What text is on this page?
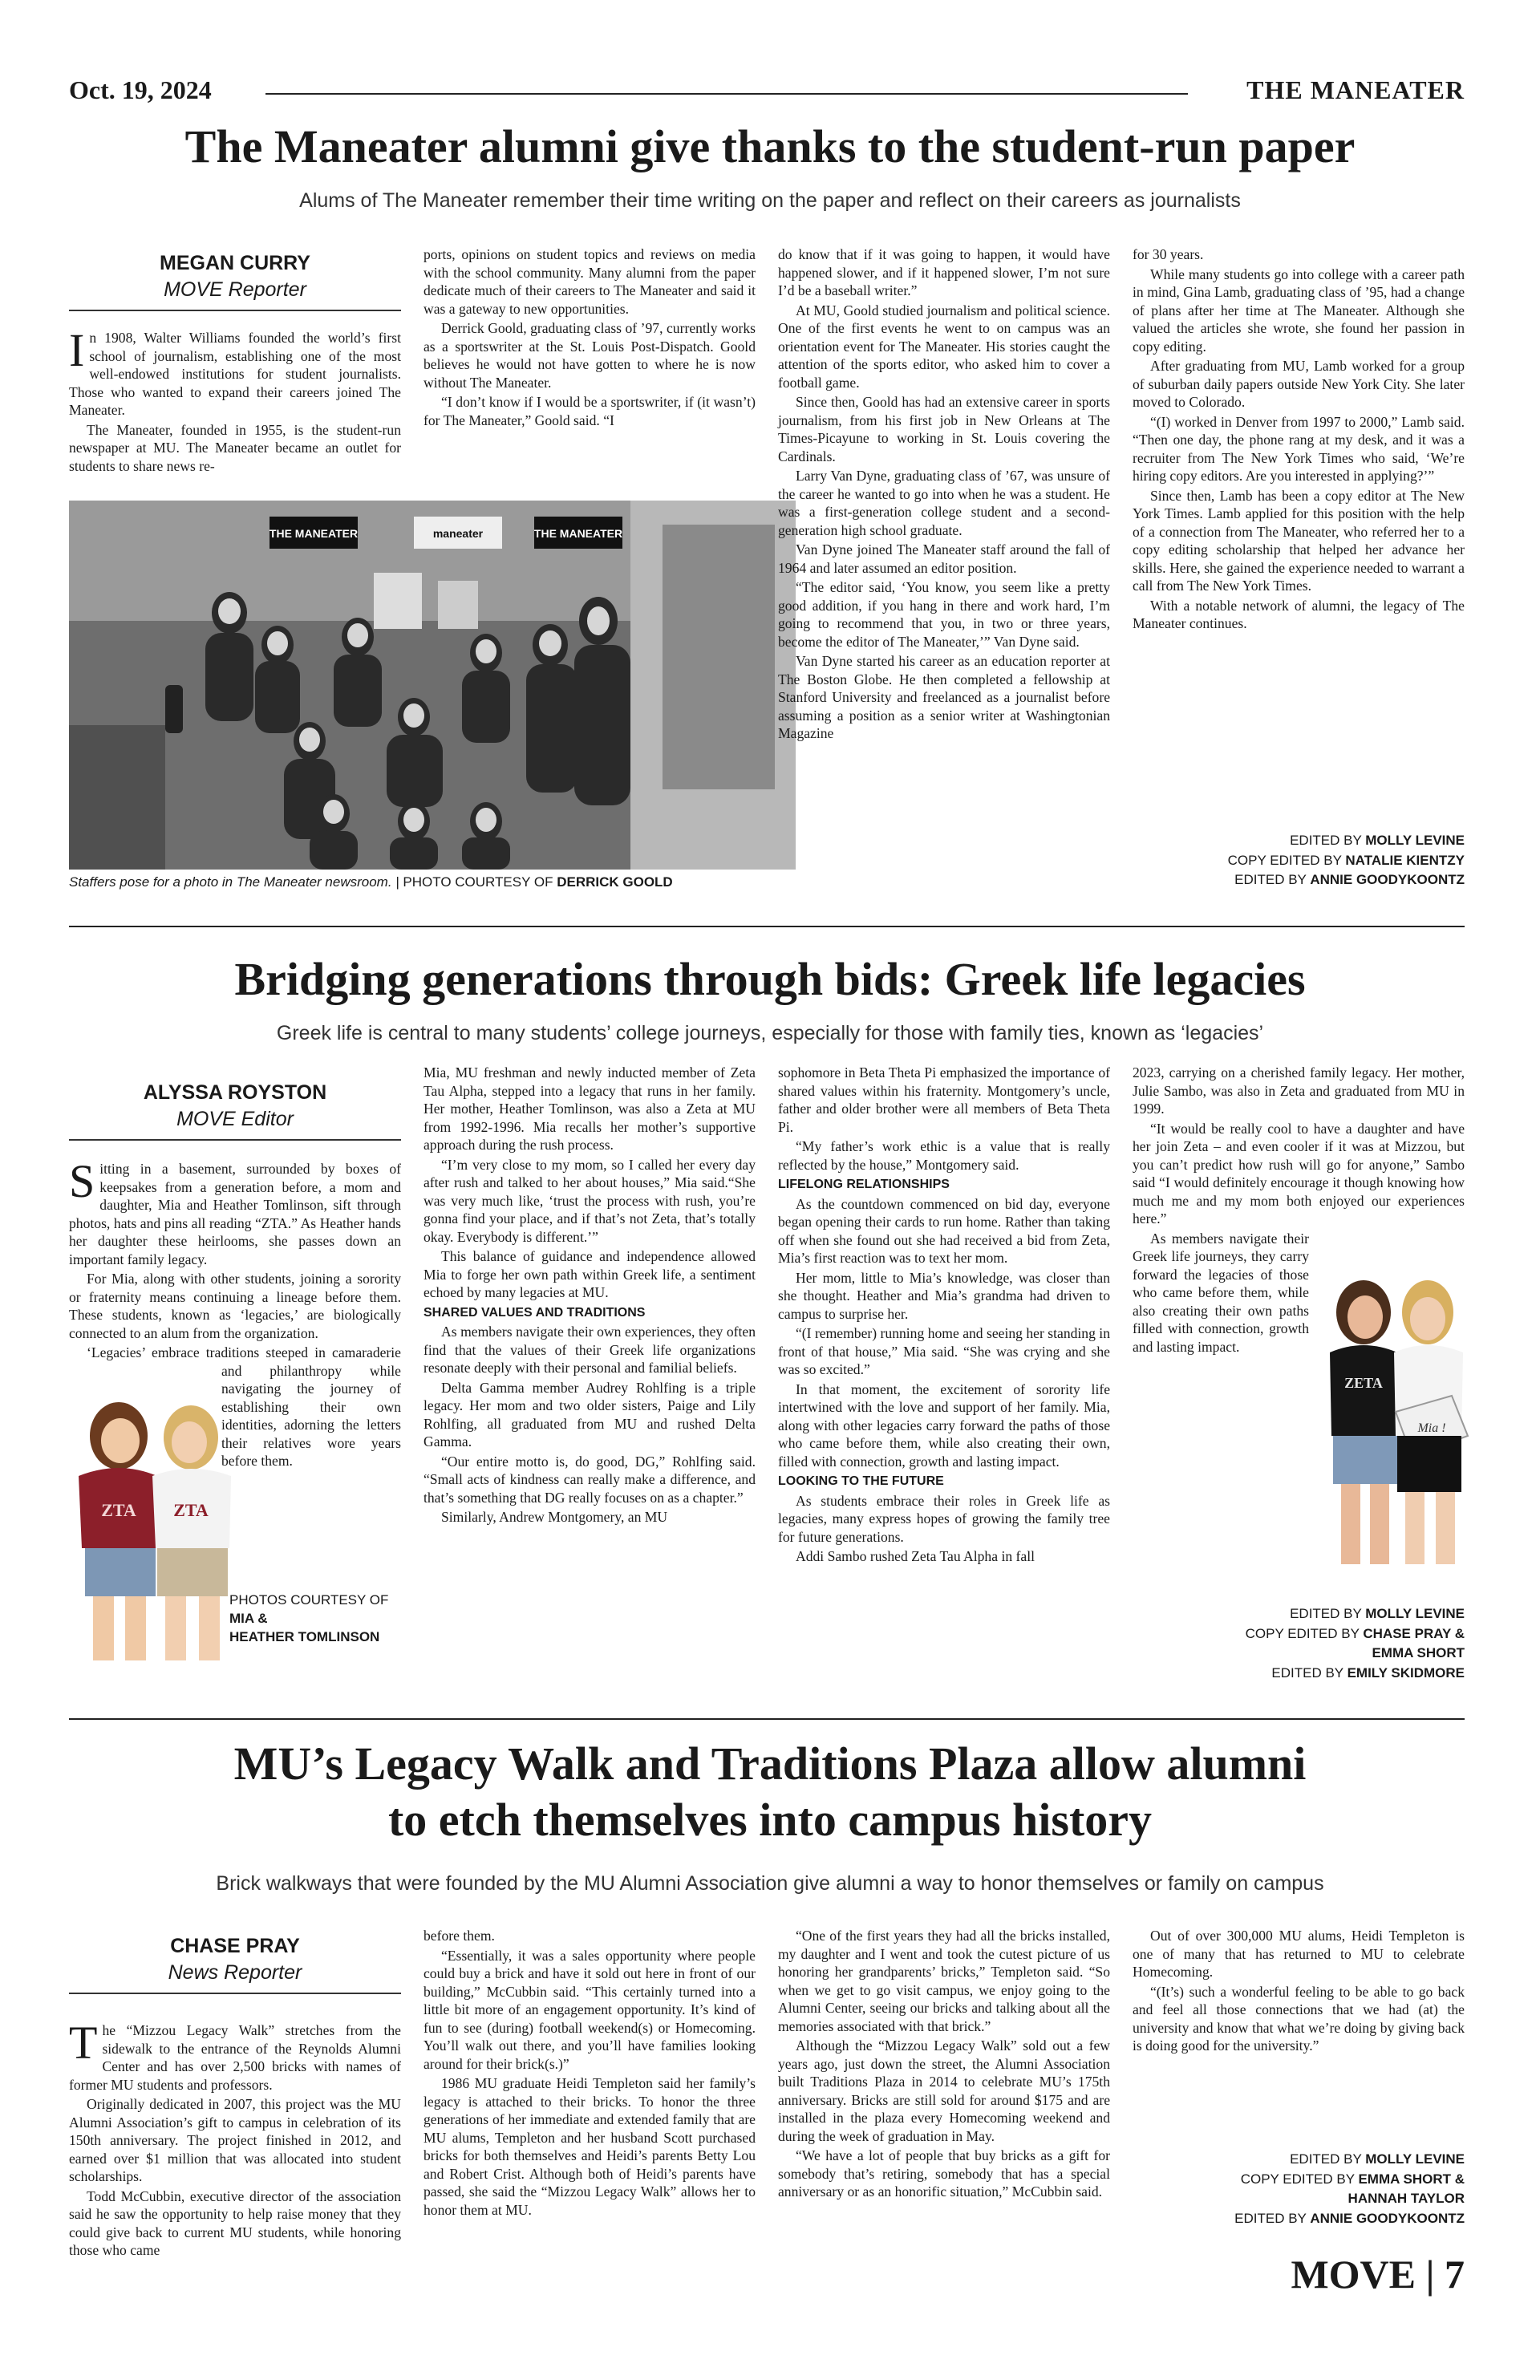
Oct. 19, 2024	THE MANEATER
The Maneater alumni give thanks to the student-run paper
Alums of The Maneater remember their time writing on the paper and reflect on their careers as journalists
MEGAN CURRY
MOVE Reporter

In 1908, Walter Williams founded the world’s first school of journalism, establishing one of the most well-endowed institutions for student journalists. Those who wanted to expand their careers joined The Maneater.

The Maneater, founded in 1955, is the student-run newspaper at MU. The Maneater became an outlet for students to share news re-

ports, opinions on student topics and reviews on media with the school community. Many alumni from the paper dedicate much of their careers to The Maneater and said it was a gateway to new opportunities.

Derrick Goold, graduating class of ’97, currently works as a sportswriter at the St. Louis Post-Dispatch. Goold believes he would not have gotten to where he is now without The Maneater.

“I don’t know if I would be a sportswriter, if (it wasn’t) for The Maneater,” Goold said. “I

THE MANEATER	maneater	THE MANEATER
Staffers pose for a photo in The Maneater newsroom. | PHOTO COURTESY OF DERRICK GOOLD

do know that if it was going to happen, it would have happened slower, and if it happened slower, I’m not sure I’d be a baseball writer.”

At MU, Goold studied journalism and political science. One of the first events he went to on campus was an orientation event for The Maneater. His stories caught the attention of the sports editor, who asked him to cover a football game.

Since then, Goold has had an extensive career in sports journalism, from his first job in New Orleans at The Times-Picayune to working in St. Louis covering the Cardinals.

Larry Van Dyne, graduating class of ’67, was unsure of the career he wanted to go into when he was a student. He was a first-generation college student and a second-generation high school graduate.

Van Dyne joined The Maneater staff around the fall of 1964 and later assumed an editor position.

“The editor said, ‘You know, you seem like a pretty good addition, if you hang in there and work hard, I’m going to recommend that you, in two or three years, become the editor of The Maneater,’” Van Dyne said.

Van Dyne started his career as an education reporter at The Boston Globe. He then completed a fellowship at Stanford University and freelanced as a journalist before assuming a position as a senior writer at Washingtonian Magazine

for 30 years.

While many students go into college with a career path in mind, Gina Lamb, graduating class of ’95, had a change of plans after her time at The Maneater. Although she valued the articles she wrote, she found her passion in copy editing.

After graduating from MU, Lamb worked for a group of suburban daily papers outside New York City. She later moved to Colorado.

“(I) worked in Denver from 1997 to 2000,” Lamb said. “Then one day, the phone rang at my desk, and it was a recruiter from The New York Times who said, ‘We’re hiring copy editors. Are you interested in applying?’”

Since then, Lamb has been a copy editor at The New York Times. Lamb applied for this position with the help of a connection from The Maneater, who referred her to a copy editing scholarship that helped her advance her skills. Here, she gained the experience needed to warrant a call from The New York Times.

With a notable network of alumni, the legacy of The Maneater continues.

EDITED BY MOLLY LEVINE
COPY EDITED BY NATALIE KIENTZY
EDITED BY ANNIE GOODYKOONTZ
Bridging generations through bids: Greek life legacies
Greek life is central to many students’ college journeys, especially for those with family ties, known as ‘legacies’
ALYSSA ROYSTON
MOVE Editor

Sitting in a basement, surrounded by boxes of keepsakes from a generation before, a mom and daughter, Mia and Heather Tomlinson, sift through photos, hats and pins all reading “ZTA.” As Heather hands her daughter these heirlooms, she passes down an important family legacy.

For Mia, along with other students, joining a sorority or fraternity means continuing a lineage before them. These students, known as ‘legacies,’ are biologically connected to an alum from the organization.

‘Legacies’ embrace traditions steeped in camaraderie and philanthropy while navigating the journey of establishing their own identities, adorning the letters their relatives wore years before them.

ZTA ZTA
PHOTOS COURTESY OF
MIA &
HEATHER TOMLINSON

Mia, MU freshman and newly inducted member of Zeta Tau Alpha, stepped into a legacy that runs in her family. Her mother, Heather Tomlinson, was also a Zeta at MU from 1992-1996. Mia recalls her mother’s supportive approach during the rush process.

“I’m very close to my mom, so I called her every day after rush and talked to her about houses,” Mia said.“She was very much like, ‘trust the process with rush, you’re gonna find your place, and if that’s not Zeta, that’s totally okay. Everybody is different.’”

This balance of guidance and independence allowed Mia to forge her own path within Greek life, a sentiment echoed by many legacies at MU.

SHARED VALUES AND TRADITIONS

As members navigate their own experiences, they often find that the values of their Greek life organizations resonate deeply with their personal and familial beliefs.

Delta Gamma member Audrey Rohlfing is a triple legacy. Her mom and two older sisters, Paige and Lily Rohlfing, all graduated from MU and rushed Delta Gamma.

“Our entire motto is, do good, DG,” Rohlfing said. “Small acts of kindness can really make a difference, and that’s something that DG really focuses on as a chapter.”

Similarly, Andrew Montgomery, an MU

sophomore in Beta Theta Pi emphasized the importance of shared values within his fraternity. Montgomery’s uncle, father and older brother were all members of Beta Theta Pi.

“My father’s work ethic is a value that is really reflected by the house,” Montgomery said.

LIFELONG RELATIONSHIPS

As the countdown commenced on bid day, everyone began opening their cards to run home. Rather than taking off when she found out she had received a bid from Zeta, Mia’s first reaction was to text her mom.

Her mom, little to Mia’s knowledge, was closer than she thought. Heather and Mia’s grandma had driven to campus to surprise her.

“(I remember) running home and seeing her standing in front of that house,” Mia said. “She was crying and she was so excited.”

In that moment, the excitement of sorority life intertwined with the love and support of her family. Mia, along with other legacies carry forward the paths of those who came before them, while also creating their own, filled with connection, growth and lasting impact.

LOOKING TO THE FUTURE

As students embrace their roles in Greek life as legacies, many express hopes of growing the family tree for future generations.

Addi Sambo rushed Zeta Tau Alpha in fall

2023, carrying on a cherished family legacy. Her mother, Julie Sambo, was also in Zeta and graduated from MU in 1999.

“It would be really cool to have a daughter and have her join Zeta – and even cooler if it was at Mizzou, but you can’t predict how rush will go for anyone,” Sambo said “I would definitely encourage it though knowing how much me and my mom both enjoyed our experiences here.”

As members navigate their Greek life journeys, they carry forward the legacies of those who came before them, while also creating their own paths filled with connection, growth and lasting impact.

ZETA
Mia !
EDITED BY MOLLY LEVINE
COPY EDITED BY CHASE PRAY &
EMMA SHORT
EDITED BY EMILY SKIDMORE
MU’s Legacy Walk and Traditions Plaza allow alumni
to etch themselves into campus history
Brick walkways that were founded by the MU Alumni Association give alumni a way to honor themselves or family on campus
CHASE PRAY
News Reporter

The “Mizzou Legacy Walk” stretches from the sidewalk to the entrance of the Reynolds Alumni Center and has over 2,500 bricks with names of former MU students and professors.

Originally dedicated in 2007, this project was the MU Alumni Association’s gift to campus in celebration of its 150th anniversary. The project finished in 2012, and earned over $1 million that was allocated into student scholarships.

Todd McCubbin, executive director of the association said he saw the opportunity to help raise money that they could give back to current MU students, while honoring those who came

before them.

“Essentially, it was a sales opportunity where people could buy a brick and have it sold out here in front of our building,” McCubbin said. “This certainly turned into a little bit more of an engagement opportunity. It’s kind of fun to see (during) football weekend(s) or Homecoming. You’ll walk out there, and you’ll have families looking around for their brick(s.)”

1986 MU graduate Heidi Templeton said her family’s legacy is attached to their bricks. To honor the three generations of her immediate and extended family that are MU alums, Templeton and her husband Scott purchased bricks for both themselves and Heidi’s parents Betty Lou and Robert Crist. Although both of Heidi’s parents have passed, she said the “Mizzou Legacy Walk” allows her to honor them at MU.

“One of the first years they had all the bricks installed, my daughter and I went and took the cutest picture of us honoring her grandparents’ bricks,” Templeton said. “So when we get to go visit campus, we enjoy going to the Alumni Center, seeing our bricks and talking about all the memories associated with that brick.”

Although the “Mizzou Legacy Walk” sold out a few years ago, just down the street, the Alumni Association built Traditions Plaza in 2014 to celebrate MU’s 175th anniversary. Bricks are still sold for around $175 and are installed in the plaza every Homecoming weekend and during the week of graduation in May.

“We have a lot of people that buy bricks as a gift for somebody that’s retiring, somebody that has a special anniversary or as an honorific situation,” McCubbin said.

Out of over 300,000 MU alums, Heidi Templeton is one of many that has returned to MU to celebrate Homecoming.

“(It’s) such a wonderful feeling to be able to go back and feel all those connections that we had (at) the university and know that what we’re doing by giving back is doing good for the university.”

EDITED BY MOLLY LEVINE
COPY EDITED BY EMMA SHORT &
HANNAH TAYLOR
EDITED BY ANNIE GOODYKOONTZ
MOVE | 7
